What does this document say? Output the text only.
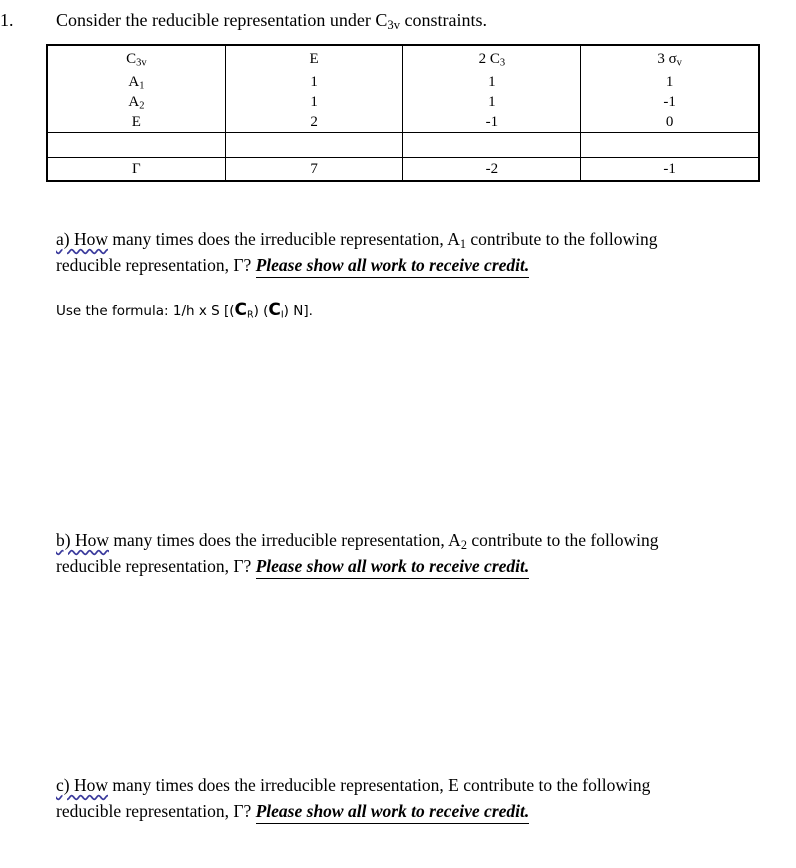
1. Consider the reducible representation under $C_{3v}$ constraints.
$C_{3v}$	E	2 $C_3$	3 $\sigma_v$
$A_1$	1	1	1
$A_2$	1	1	-1
E	2	-1	0

Γ	7	-2	-1
a) How many times does the irreducible representation, $A_1$ contribute to the following
reducible representation, Γ? Please show all work to receive credit.
Use the formula: 1/h x S [$(C_R)$ $(C_I)$ N].
b) How many times does the irreducible representation, $A_2$ contribute to the following
reducible representation, Γ? Please show all work to receive credit.
c) How many times does the irreducible representation, E contribute to the following
reducible representation, Γ? Please show all work to receive credit.
